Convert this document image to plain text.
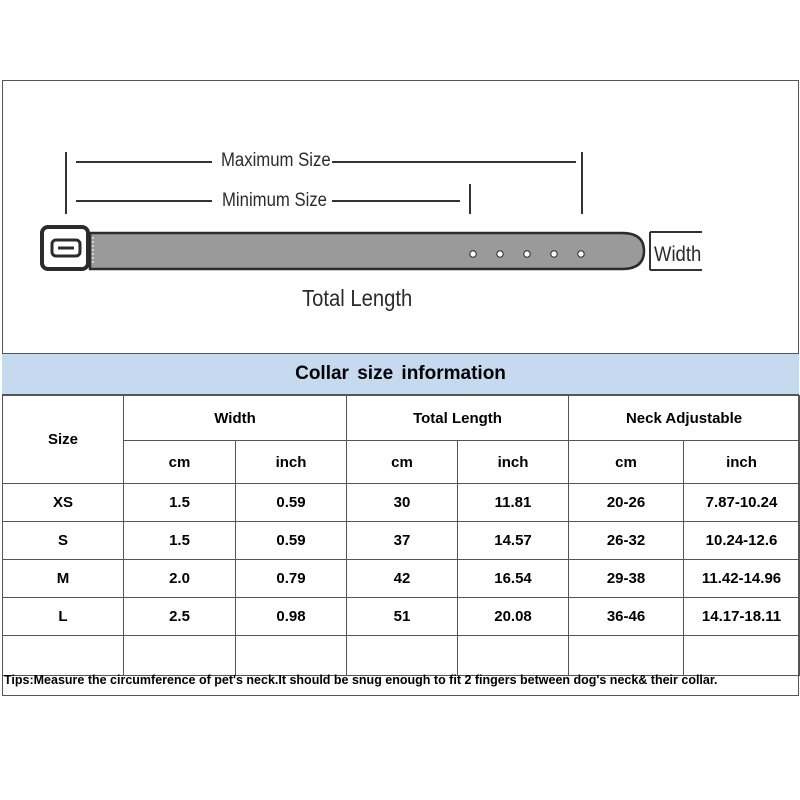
Maximum Size
Minimum Size
Total Length
Width
Collar size information
Size	Width		Total Length		Neck Adjustable	
	cm	inch	cm	inch	cm	inch
XS	1.5	0.59	30	11.81	20-26	7.87-10.24
S	1.5	0.59	37	14.57	26-32	10.24-12.6
M	2.0	0.79	42	16.54	29-38	11.42-14.96
L	2.5	0.98	51	20.08	36-46	14.17-18.11

Tips:Measure the circumference of pet's neck.It should be snug enough to fit 2 fingers between dog's neck& their collar.
